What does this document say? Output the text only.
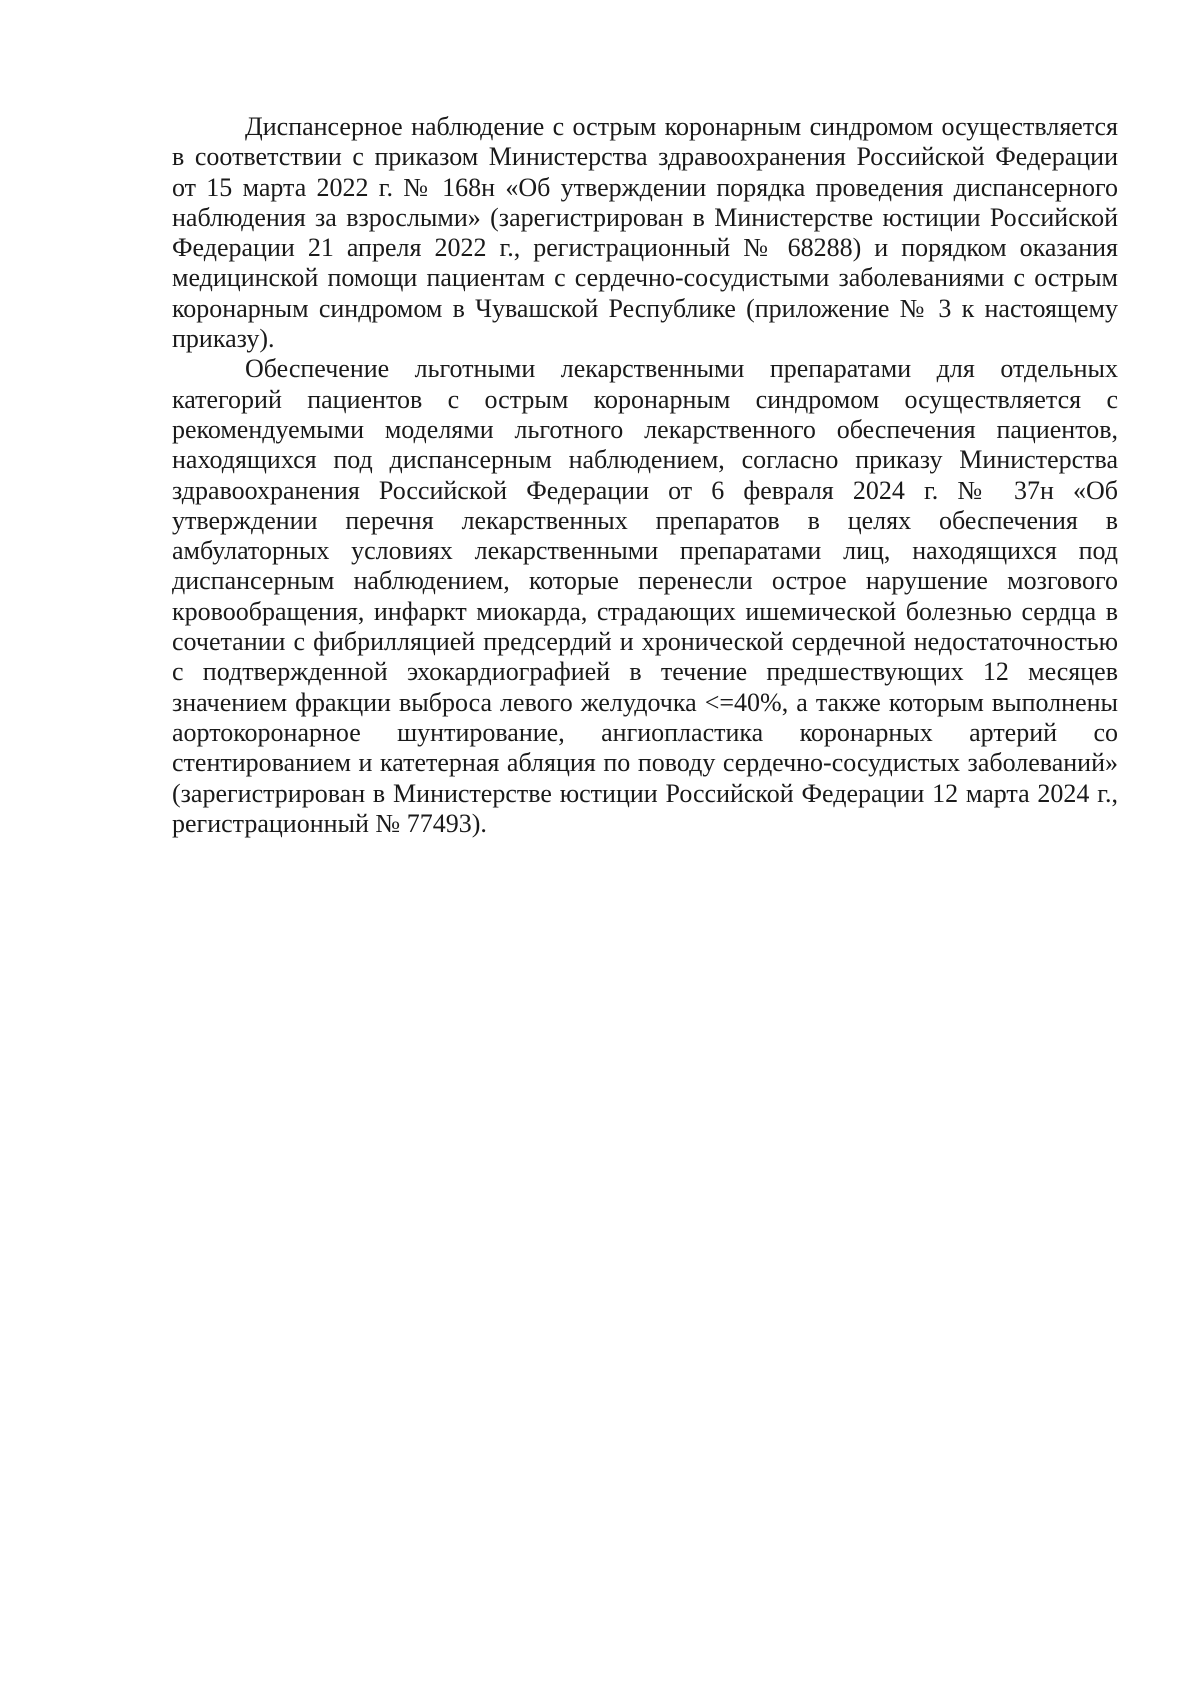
Диспансерное наблюдение с острым коронарным синдромом осуществляется в соответствии с приказом Министерства здравоохранения Российской Федерации от 15 марта 2022 г. № 168н «Об утверждении порядка проведения диспансерного наблюдения за взрослыми» (зарегистрирован в Министерстве юстиции Российской Федерации 21 апреля 2022 г., регистрационный № 68288) и порядком оказания медицинской помощи пациентам с сердечно-сосудистыми заболеваниями с острым коронарным синдромом в Чувашской Республике (приложение № 3 к настоящему приказу).

Обеспечение льготными лекарственными препаратами для отдельных категорий пациентов с острым коронарным синдромом осуществляется с рекомендуемыми моделями льготного лекарственного обеспечения пациентов, находящихся под диспансерным наблюдением, согласно приказу Министерства здравоохранения Российской Федерации от 6 февраля 2024 г. № 37н «Об утверждении перечня лекарственных препаратов в целях обеспечения в амбулаторных условиях лекарственными препаратами лиц, находящихся под диспансерным наблюдением, которые перенесли острое нарушение мозгового кровообращения, инфаркт миокарда, страдающих ишемической болезнью сердца в сочетании с фибрилляцией предсердий и хронической сердечной недостаточностью с подтвержденной эхокардиографией в течение предшествующих 12 месяцев значением фракции выброса левого желудочка <=40%, а также которым выполнены аортокоронарное шунтирование, ангиопластика коронарных артерий со стентированием и катетерная абляция по поводу сердечно-сосудистых заболеваний» (зарегистрирован в Министерстве юстиции Российской Федерации 12 марта 2024 г., регистрационный № 77493).
